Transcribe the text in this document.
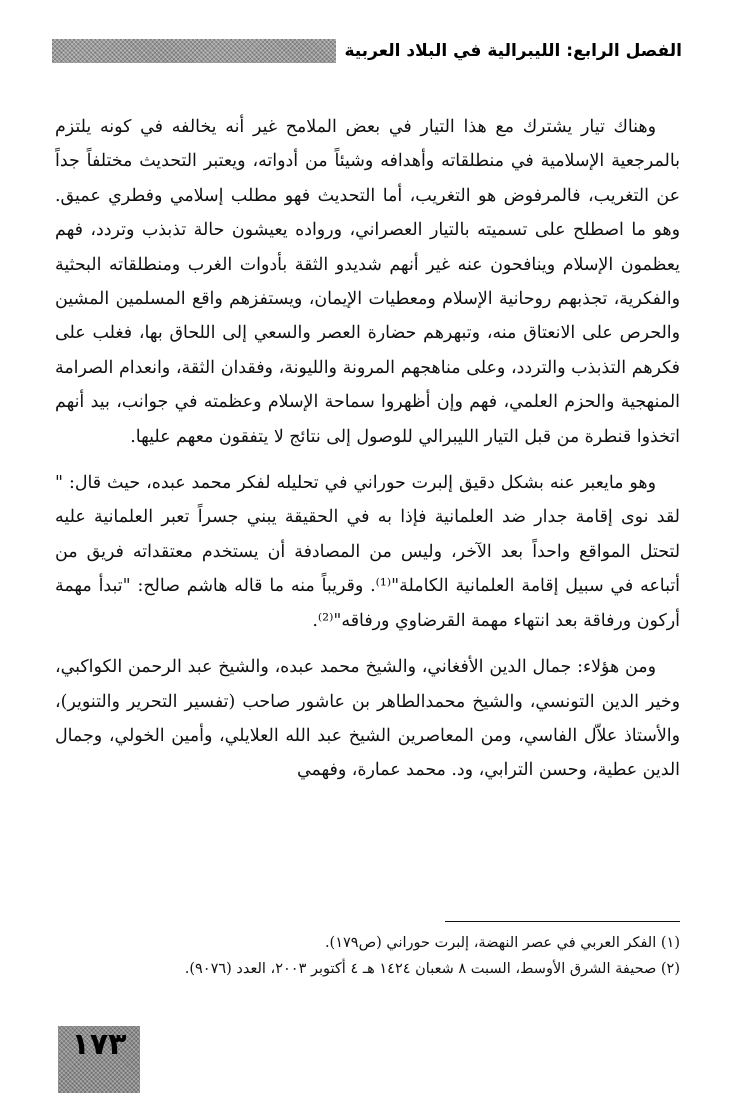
الفصل الرابع: الليبرالية في البلاد العربية

وهناك تيار يشترك مع هذا التيار في بعض الملامح غير أنه يخالفه في كونه يلتزم بالمرجعية الإسلامية في منطلقاته وأهدافه وشيئاً من أدواته، ويعتبر التحديث مختلفاً جداً عن التغريب، فالمرفوض هو التغريب، أما التحديث فهو مطلب إسلامي وفطري عميق. وهو ما اصطلح على تسميته بالتيار العصراني، ورواده يعيشون حالة تذبذب وتردد، فهم يعظمون الإسلام وينافحون عنه غير أنهم شديدو الثقة بأدوات الغرب ومنطلقاته البحثية والفكرية، تجذبهم روحانية الإسلام ومعطيات الإيمان، ويستفزهم واقع المسلمين المشين والحرص على الانعتاق منه، وتبهرهم حضارة العصر والسعي إلى اللحاق بها، فغلب على فكرهم التذبذب والتردد، وعلى مناهجهم المرونة والليونة، وفقدان الثقة، وانعدام الصرامة المنهجية والحزم العلمي، فهم وإن أظهروا سماحة الإسلام وعظمته في جوانب، بيد أنهم اتخذوا قنطرة من قبل التيار الليبرالي للوصول إلى نتائج لا يتفقون معهم عليها.

وهو مايعبر عنه بشكل دقيق إلبرت حوراني في تحليله لفكر محمد عبده، حيث قال: " لقد نوى إقامة جدار ضد العلمانية فإذا به في الحقيقة يبني جسراً تعبر العلمانية عليه لتحتل المواقع واحداً بعد الآخر، وليس من المصادفة أن يستخدم معتقداته فريق من أتباعه في سبيل إقامة العلمانية الكاملة"⁽¹⁾. وقريباً منه ما قاله هاشم صالح: "تبدأ مهمة أركون ورفاقة بعد انتهاء مهمة القرضاوي ورفاقه"⁽²⁾.

ومن هؤلاء: جمال الدين الأفغاني، والشيخ محمد عبده، والشيخ عبد الرحمن الكواكبي، وخير الدين التونسي، والشيخ محمدالطاهر بن عاشور صاحب (تفسير التحرير والتنوير)، والأستاذ علاّل الفاسي، ومن المعاصرين الشيخ عبد الله العلايلي، وأمين الخولي، وجمال الدين عطية، وحسن الترابي، ود. محمد عمارة، وفهمي

(١) الفكر العربي في عصر النهضة، إلبرت حوراني (ص١٧٩).

(٢) صحيفة الشرق الأوسط، السبت ٨ شعبان ١٤٢٤ هـ ٤ أكتوبر ٢٠٠٣، العدد (٩٠٧٦).

١٧٣
